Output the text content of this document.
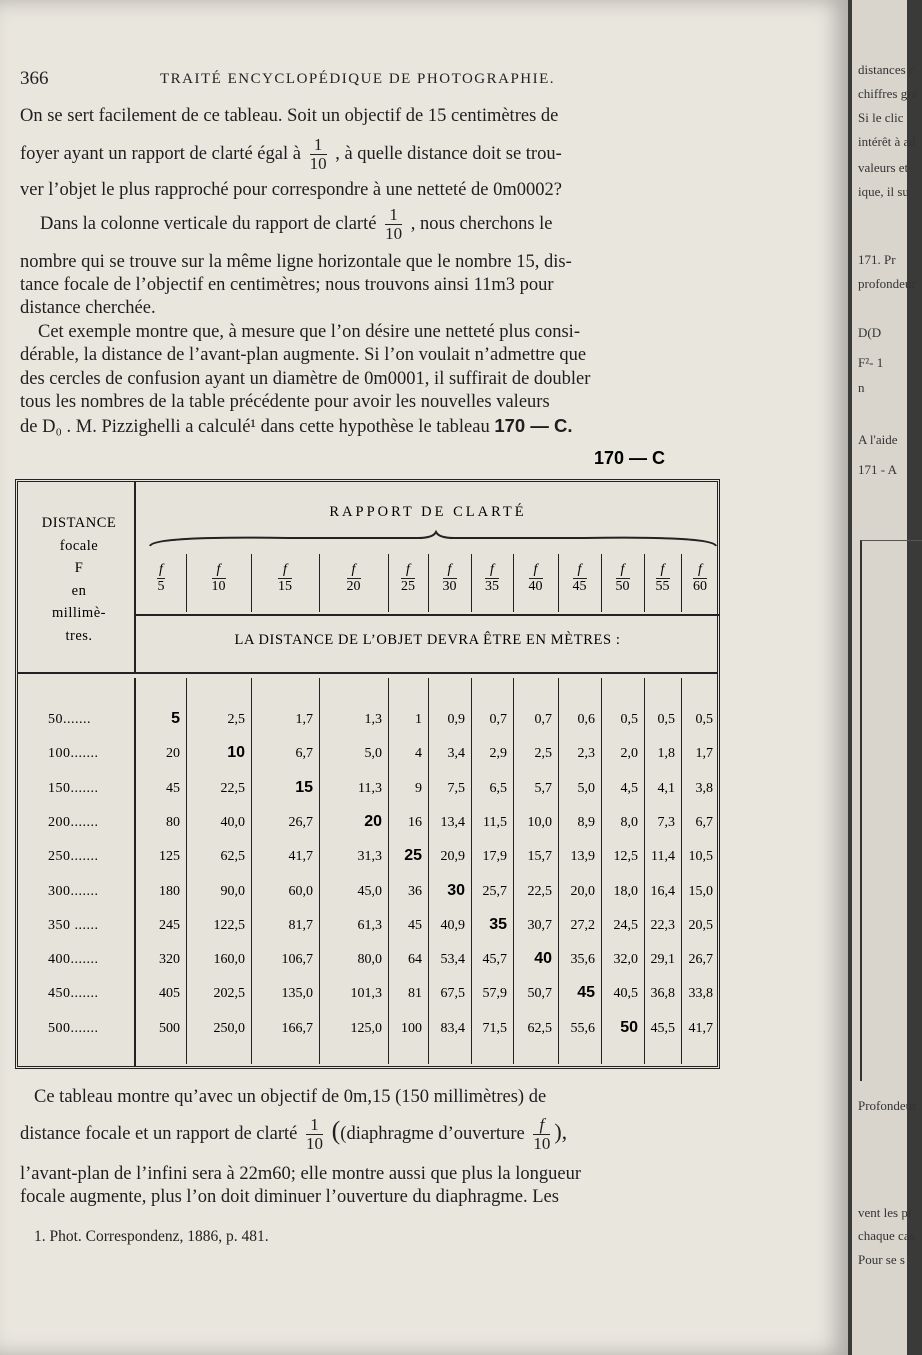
366	TRAITÉ ENCYCLOPÉDIQUE DE PHOTOGRAPHIE.
On se sert facilement de ce tableau. Soit un objectif de 15 centimètres de
foyer ayant un rapport de clarté égal à $\frac{1}{10}$ , à quelle distance doit se trou-
ver l’objet le plus rapproché pour correspondre à une netteté de 0m0002?
Dans la colonne verticale du rapport de clarté $\frac{1}{10}$ , nous cherchons le
nombre qui se trouve sur la même ligne horizontale que le nombre 15, dis-
tance focale de l’objectif en centimètres; nous trouvons ainsi 11m3 pour
distance cherchée.
Cet exemple montre que, à mesure que l’on désire une netteté plus consi-
dérable, la distance de l’avant-plan augmente. Si l’on voulait n’admettre que
des cercles de confusion ayant un diamètre de 0m0001, il suffirait de doubler
tous les nombres de la table précédente pour avoir les nouvelles valeurs
de D₀ . M. Pizzighelli a calculé¹ dans cette hypothèse le tableau 170 — C.
170 — C
DISTANCE
focale
F
en
millimè-
tres.
RAPPORT DE CLARTÉ
$\frac{f}{5}$	$\frac{f}{10}$	$\frac{f}{15}$	$\frac{f}{20}$	$\frac{f}{25} \frac{f}{30} \frac{f}{35} \frac{f}{40} \frac{f}{45} \frac{f}{50} \frac{f}{55} \frac{f}{60}$
LA DISTANCE DE L’OBJET DEVRA ÊTRE EN MÈTRES :
50.......	5	2,5	1,7	1,3	1	0,9	0,7	0,7	0,6	0,5	0,5	0,5
100.......	20	10	6,7	5,0	4	3,4	2,9	2,5	2,3	2,0	1,8	1,7
150.......	45	22,5	15	11,3	9	7,5	6,5	5,7	5,0	4,5	4,1	3,8
200.......	80	40,0	26,7	20	16	13,4	11,5	10,0	8,9	8,0	7,3	6,7
250.......	125	62,5	41,7	31,3	25	20,9	17,9	15,7	13,9	12,5 11,4 10,5
300.......	180	90,0	60,0	45,0	36	30	25,7	22,5	20,0	18,0 16,4 15,0
350 ......	245	122,5	81,7	61,3	45	40,9	35	30,7	27,2	24,5 22,3 20,5
400.......	320	160,0	106,7	80,0	64	53,4	45,7	40	35,6	32,0 29,1 26,7
450.......	405	202,5	135,0	101,3	81	67,5	57,9	50,7	45	40,5 36,8 33,8
500.......	500	250,0	166,7	125,0	100	83,4	71,5	62,5	55,6	50 45,5 41,7
Ce tableau montre qu’avec un objectif de 0m,15 (150 millimètres) de
distance focale et un rapport de clarté $\frac{1}{10}$ ((diaphragme d’ouverture $\frac{f}{10}$ ),
l’avant-plan de l’infini sera à 22m60; elle montre aussi que plus la longueur
focale augmente, plus l’on doit diminuer l’ouverture du diaphragme. Les
1. Phot. Correspondenz, 1886, p. 481.
distances c
chiffres gra
Si le clic
intérêt à ad
valeurs et
ique, il su
171. Pr
profondeur
D(D
F²- 1
n
A l'aide
171 - A
Profondeur
vent les pl
chaque cas
Pour se s
